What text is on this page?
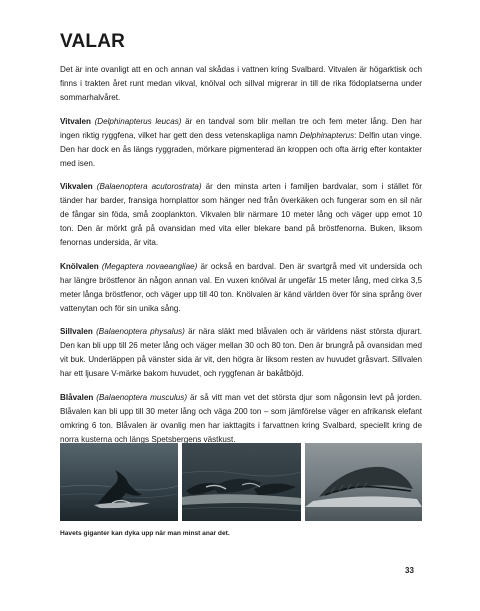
VALAR

Det är inte ovanligt att en och annan val skådas i vattnen kring Svalbard. Vitvalen är högarktisk och finns i trakten året runt medan vikval, knölval och sillval migrerar in till de rika födoplatserna under sommarhalvåret.

Vitvalen (Delphinapterus leucas) är en tandval som blir mellan tre och fem meter lång. Den har ingen riktig ryggfena, vilket har gett den dess vetenskapliga namn Delphinapterus: Delfin utan vinge. Den har dock en ås längs ryggraden, mörkare pigmenterad än kroppen och ofta ärrig efter kontakter med isen.

Vikvalen (Balaenoptera acutorostrata) är den minsta arten i familjen bardvalar, som i stället för tänder har barder, fransiga hornplattor som hänger ned från överkäken och fungerar som en sil när de fångar sin föda, små zooplankton. Vikvalen blir närmare 10 meter lång och väger upp emot 10 ton. Den är mörkt grå på ovansidan med vita eller blekare band på bröstfenorna. Buken, liksom fenornas undersida, är vita.

Knölvalen (Megaptera novaeangliae) är också en bardval. Den är svartgrå med vit undersida och har längre bröstfenor än någon annan val. En vuxen knölval är ungefär 15 meter lång, med cirka 3,5 meter långa bröstfenor, och väger upp till 40 ton. Knölvalen är känd världen över för sina språng över vattenytan och för sin unika sång.

Sillvalen (Balaenoptera physalus) är nära släkt med blåvalen och är världens näst största djurart. Den kan bli upp till 26 meter lång och väger mellan 30 och 80 ton. Den är brungrå på ovansidan med vit buk. Underläppen på vänster sida är vit, den högra är liksom resten av huvudet gråsvart. Sillvalen har ett ljusare V-märke bakom huvudet, och ryggfenan är bakåtböjd.

Blåvalen (Balaenoptera musculus) är så vitt man vet det största djur som någonsin levt på jorden. Blåvalen kan bli upp till 30 meter lång och väga 200 ton – som jämförelse väger en afrikansk elefant omkring 6 ton. Blåvalen är ovanlig men har iakttagits i farvattnen kring Svalbard, speciellt kring de norra kusterna och längs Spetsbergens västkust.

Havets giganter kan dyka upp när man minst anar det.
33
